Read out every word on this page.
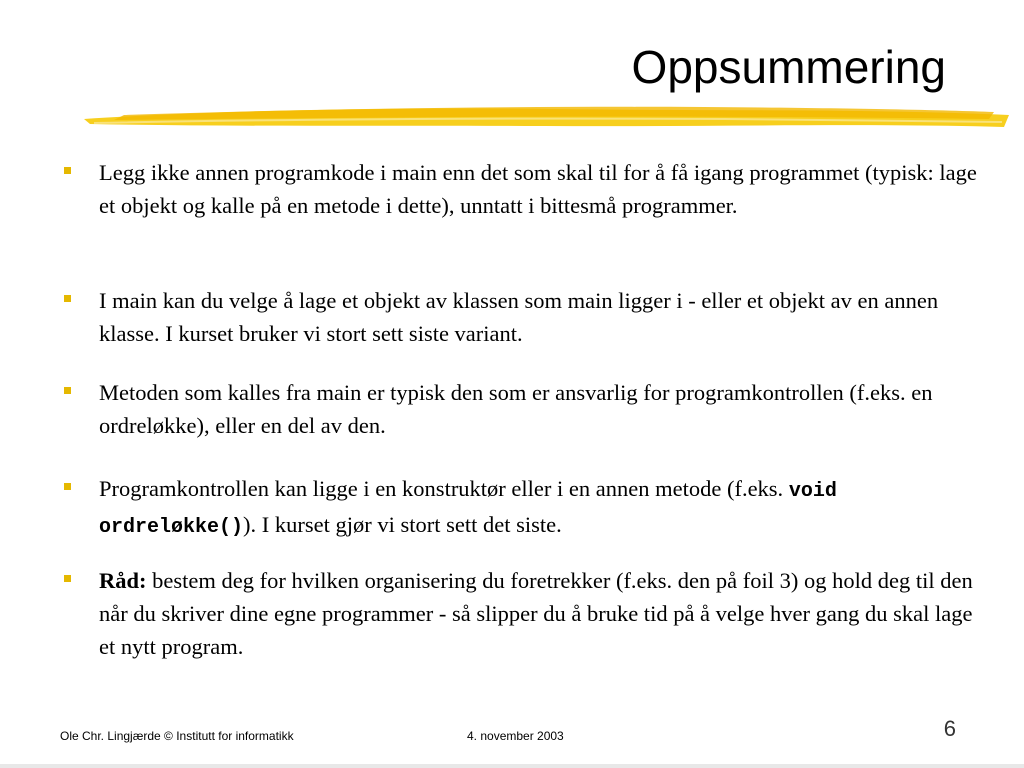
Oppsummering
Legg ikke annen programkode i main enn det som skal til for å få igang programmet (typisk: lage et objekt og kalle på en metode i dette), unntatt i bittesmå programmer.
I main kan du velge å lage et objekt av klassen som main ligger i - eller et objekt av en annen klasse. I kurset bruker vi stort sett siste variant.
Metoden som kalles fra main er typisk den som er ansvarlig for programkontrollen (f.eks. en ordreløkke), eller en del av den.
Programkontrollen kan ligge i en konstruktør eller i en annen metode (f.eks. void ordreløkke()). I kurset gjør vi stort sett det siste.
Råd: bestem deg for hvilken organisering du foretrekker (f.eks. den på foil 3) og hold deg til den når du skriver dine egne programmer - så slipper du å bruke tid på å velge hver gang du skal lage et nytt program.
Ole Chr. Lingjærde © Institutt for informatikk	4. november 2003	6
